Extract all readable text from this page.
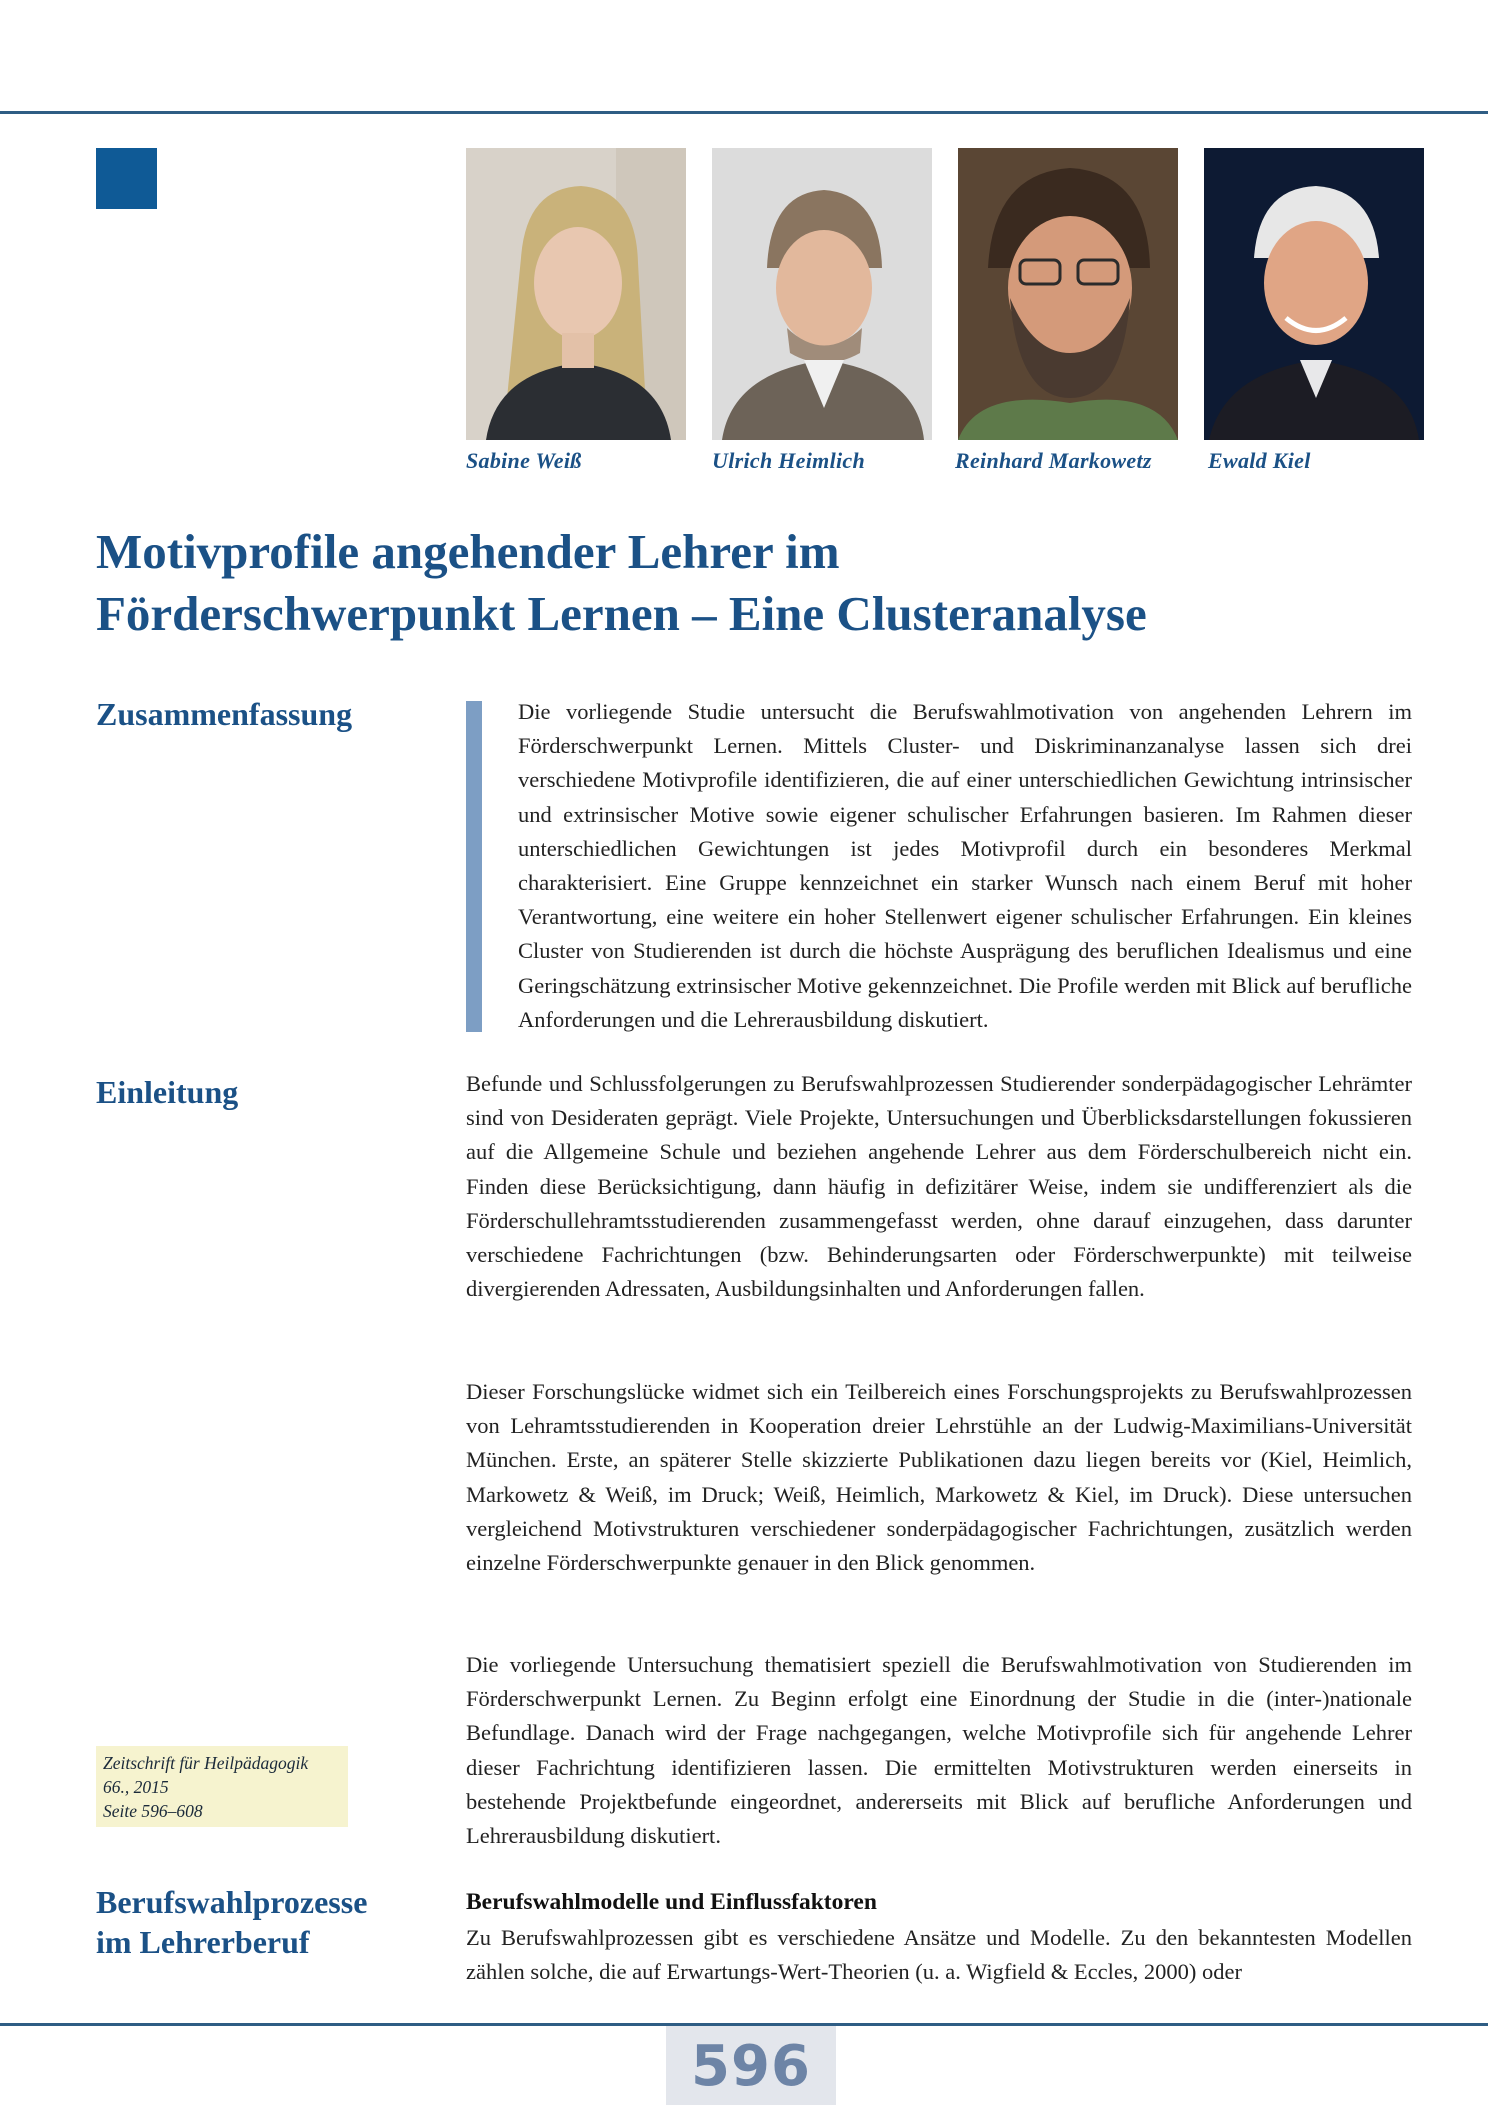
Sabine Weiß	Ulrich Heimlich	Reinhard Markowetz	Ewald Kiel
Motivprofile angehender Lehrer im
Förderschwerpunkt Lernen – Eine Clusteranalyse
Zusammenfassung	Die vorliegende Studie untersucht die Berufswahlmotivation von angehenden Lehrern im Förderschwerpunkt Lernen. Mittels Cluster- und Diskriminanzanalyse lassen sich drei verschiedene Motivprofile identifizieren, die auf einer unterschiedlichen Gewichtung intrinsischer und extrinsischer Motive sowie eigener schulischer Erfahrungen basieren. Im Rahmen dieser unterschiedlichen Gewichtungen ist jedes Motivprofil durch ein besonderes Merkmal charakterisiert. Eine Gruppe kennzeichnet ein starker Wunsch nach einem Beruf mit hoher Verantwortung, eine weitere ein hoher Stellenwert eigener schulischer Erfahrungen. Ein kleines Cluster von Studierenden ist durch die höchste Ausprägung des beruflichen Idealismus und eine Geringschätzung extrinsischer Motive gekennzeichnet. Die Profile werden mit Blick auf berufliche Anforderungen und die Lehrerausbildung diskutiert.

Einleitung	Befunde und Schlussfolgerungen zu Berufswahlprozessen Studierender sonderpädagogischer Lehrämter sind von Desideraten geprägt. Viele Projekte, Untersuchungen und Überblicksdarstellungen fokussieren auf die Allgemeine Schule und beziehen angehende Lehrer aus dem Förderschulbereich nicht ein. Finden diese Berücksichtigung, dann häufig in defizitärer Weise, indem sie undifferenziert als die Förderschullehramtsstudierenden zusammengefasst werden, ohne darauf einzugehen, dass darunter verschiedene Fachrichtungen (bzw. Behinderungsarten oder Förderschwerpunkte) mit teilweise divergierenden Adressaten, Ausbildungsinhalten und Anforderungen fallen.

Dieser Forschungslücke widmet sich ein Teilbereich eines Forschungsprojekts zu Berufswahlprozessen von Lehramtsstudierenden in Kooperation dreier Lehrstühle an der Ludwig-Maximilians-Universität München. Erste, an späterer Stelle skizzierte Publikationen dazu liegen bereits vor (Kiel, Heimlich, Markowetz & Weiß, im Druck; Weiß, Heimlich, Markowetz & Kiel, im Druck). Diese untersuchen vergleichend Motivstrukturen verschiedener sonderpädagogischer Fachrichtungen, zusätzlich werden einzelne Förderschwerpunkte genauer in den Blick genommen.

Die vorliegende Untersuchung thematisiert speziell die Berufswahlmotivation von Studierenden im Förderschwerpunkt Lernen. Zu Beginn erfolgt eine Einordnung der Studie in die (inter-)nationale Befundlage. Danach wird der Frage nachgegangen, welche Motivprofile sich für angehende Lehrer dieser Fachrichtung identifizieren lassen. Die ermittelten Motivstrukturen werden einerseits in bestehende Projektbefunde eingeordnet, andererseits mit Blick auf berufliche Anforderungen und Lehrerausbildung diskutiert.

Zeitschrift für Heilpädagogik
66., 2015
Seite 596–608
Berufswahlprozesse
im Lehrerberuf
Berufswahlmodelle und Einflussfaktoren

Zu Berufswahlprozessen gibt es verschiedene Ansätze und Modelle. Zu den bekanntesten Modellen zählen solche, die auf Erwartungs-Wert-Theorien (u. a. Wigfield & Eccles, 2000) oder

596
